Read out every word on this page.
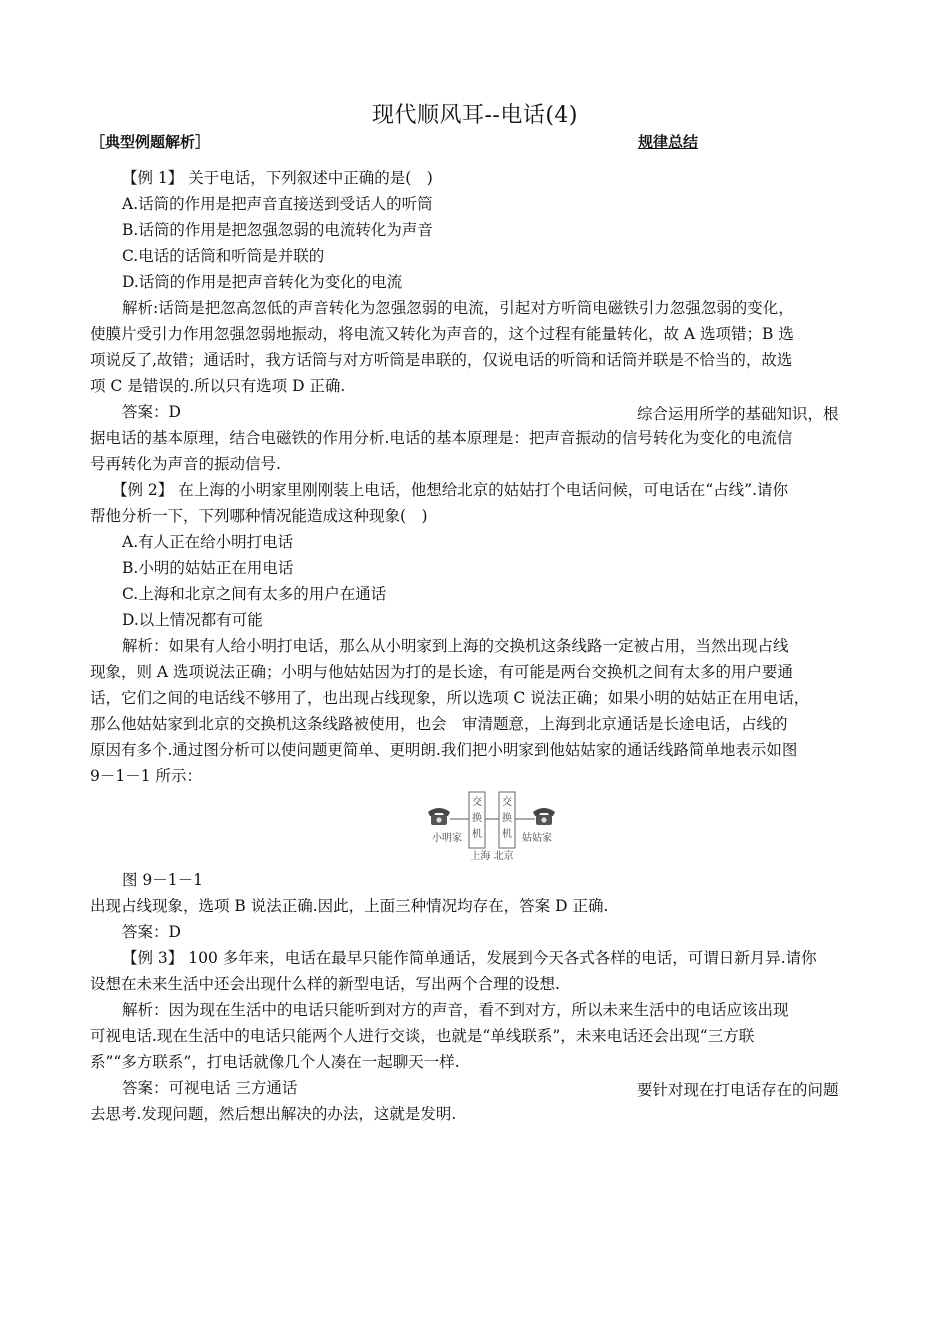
现代顺风耳--电话(4)
［典型例题解析］	规律总结
【例 1】 关于电话，下列叙述中正确的是(　)
A.话筒的作用是把声音直接送到受话人的听筒
B.话筒的作用是把忽强忽弱的电流转化为声音
C.电话的话筒和听筒是并联的
D.话筒的作用是把声音转化为变化的电流
解析:话筒是把忽高忽低的声音转化为忽强忽弱的电流，引起对方听筒电磁铁引力忽强忽弱的变化，
使膜片受引力作用忽强忽弱地振动，将电流又转化为声音的，这个过程有能量转化，故 A 选项错；B 选
项说反了,故错；通话时，我方话筒与对方听筒是串联的，仅说电话的听筒和话筒并联是不恰当的，故选
项 C 是错误的.所以只有选项 D 正确.
答案：D	综合运用所学的基础知识，根
据电话的基本原理，结合电磁铁的作用分析.电话的基本原理是：把声音振动的信号转化为变化的电流信
号再转化为声音的振动信号.
【例 2】 在上海的小明家里刚刚装上电话，他想给北京的姑姑打个电话问候，可电话在“占线”.请你
帮他分析一下，下列哪种情况能造成这种现象(　)
A.有人正在给小明打电话
B.小明的姑姑正在用电话
C.上海和北京之间有太多的用户在通话
D.以上情况都有可能
解析：如果有人给小明打电话，那么从小明家到上海的交换机这条线路一定被占用，当然出现占线
现象，则 A 选项说法正确；小明与他姑姑因为打的是长途，有可能是两台交换机之间有太多的用户要通
话，它们之间的电话线不够用了，也出现占线现象，所以选项 C 说法正确；如果小明的姑姑正在用电话，
那么他姑姑家到北京的交换机这条线路被使用，也会　审清题意，上海到北京通话是长途电话，占线的
原因有多个.通过图分析可以使问题更简单、更明朗.我们把小明家到他姑姑家的通话线路简单地表示如图
9－1－1 所示：
交
换
机
交
换
机
小明家	姑姑家
上海 北京
图 9－1－1
出现占线现象，选项 B 说法正确.因此，上面三种情况均存在，答案 D 正确.
答案：D
【例 3】 100 多年来，电话在最早只能作简单通话，发展到今天各式各样的电话，可谓日新月异.请你
设想在未来生活中还会出现什么样的新型电话，写出两个合理的设想.
解析：因为现在生活中的电话只能听到对方的声音，看不到对方，所以未来生活中的电话应该出现
可视电话.现在生活中的电话只能两个人进行交谈，也就是“单线联系”，未来电话还会出现“三方联
系”“多方联系”，打电话就像几个人凑在一起聊天一样.
答案：可视电话 三方通话	要针对现在打电话存在的问题
去思考.发现问题，然后想出解决的办法，这就是发明.
